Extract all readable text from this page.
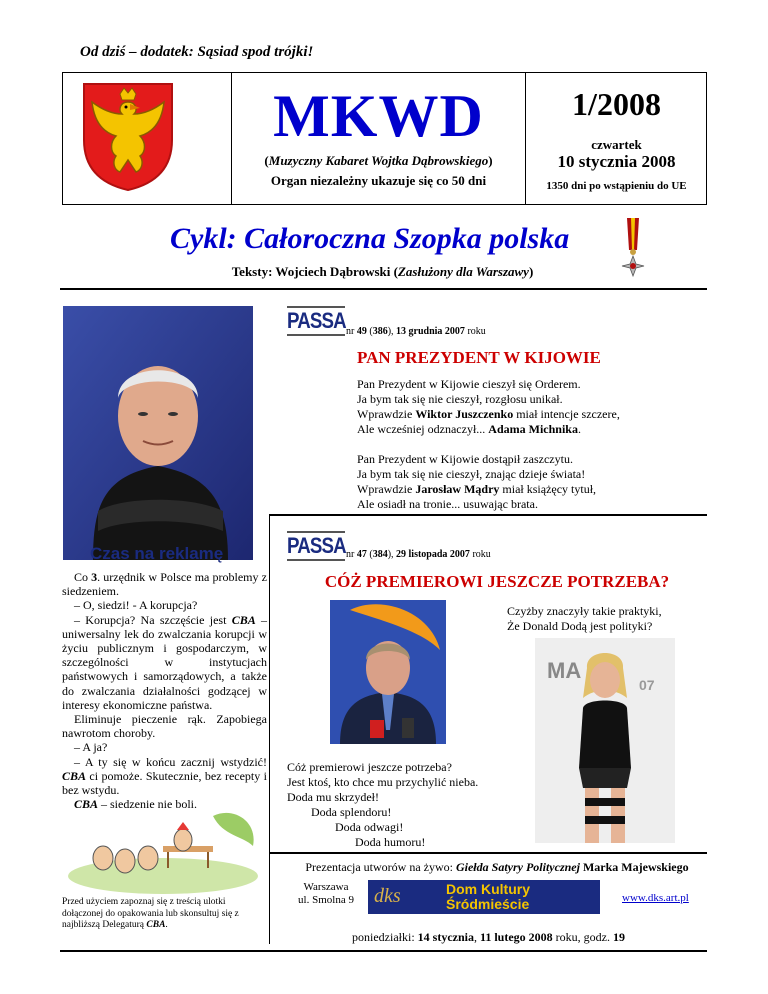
Od dziś – dodatek: Sąsiad spod trójki!
MKWD
(Muzyczny Kabaret Wojtka Dąbrowskiego)
Organ niezależny ukazuje się co 50 dni
1/2008
czwartek
10 stycznia 2008
1350 dni po wstąpieniu do UE
Cykl: Całoroczna Szopka polska
Teksty: Wojciech Dąbrowski (Zasłużony dla Warszawy)
PASSA nr 49 (386), 13 grudnia 2007 roku
PAN PREZYDENT W KIJOWIE
Pan Prezydent w Kijowie cieszył się Orderem.
Ja bym tak się nie cieszył, rozgłosu unikał.
Wprawdzie Wiktor Juszczenko miał intencje szczere,
Ale wcześniej odznaczył... Adama Michnika.
Pan Prezydent w Kijowie dostąpił zaszczytu.
Ja bym tak się nie cieszył, znając dzieje świata!
Wprawdzie Jarosław Mądry miał książęcy tytuł,
Ale osiadł na tronie... usuwając brata.
Czas na reklamę

Co 3. urzędnik w Polsce ma problemy z siedzeniem.

– O, siedzi! - A korupcja?

– Korupcja? Na szczęście jest CBA – uniwersalny lek do zwalczania korupcji w życiu publicznym i gospodarczym, w szczególności w instytucjach państwowych i samorządowych, a także do zwalczania działalności godzącej w interesy ekonomiczne państwa.

Eliminuje pieczenie rąk. Zapobiega nawrotom choroby.

– A ja?

– A ty się w końcu zacznij wstydzić! CBA ci pomoże. Skutecznie, bez recepty i bez wstydu.

CBA – siedzenie nie boli.

Przed użyciem zapoznaj się z treścią ulotki dołączonej do opakowania lub skonsultuj się z najbliższą Delegaturą CBA.
PASSA nr 47 (384), 29 listopada 2007 roku
CÓŻ PREMIEROWI JESZCZE POTRZEBA?
Czyżby znaczyły takie praktyki,
Że Donald Dodą jest polityki?
MA
07
Cóż premierowi jeszcze potrzeba?
Jest ktoś, kto chce mu przychylić nieba.
Doda mu skrzydeł!
Doda splendoru!
Doda odwagi!
Doda humoru!
Prezentacja utworów na żywo: Giełda Satyry Politycznej Marka Majewskiego
Warszawa
ul. Smolna 9	dks	Dom Kultury
Śródmieście	www.dks.art.pl
poniedziałki: 14 stycznia, 11 lutego 2008 roku, godz. 19
